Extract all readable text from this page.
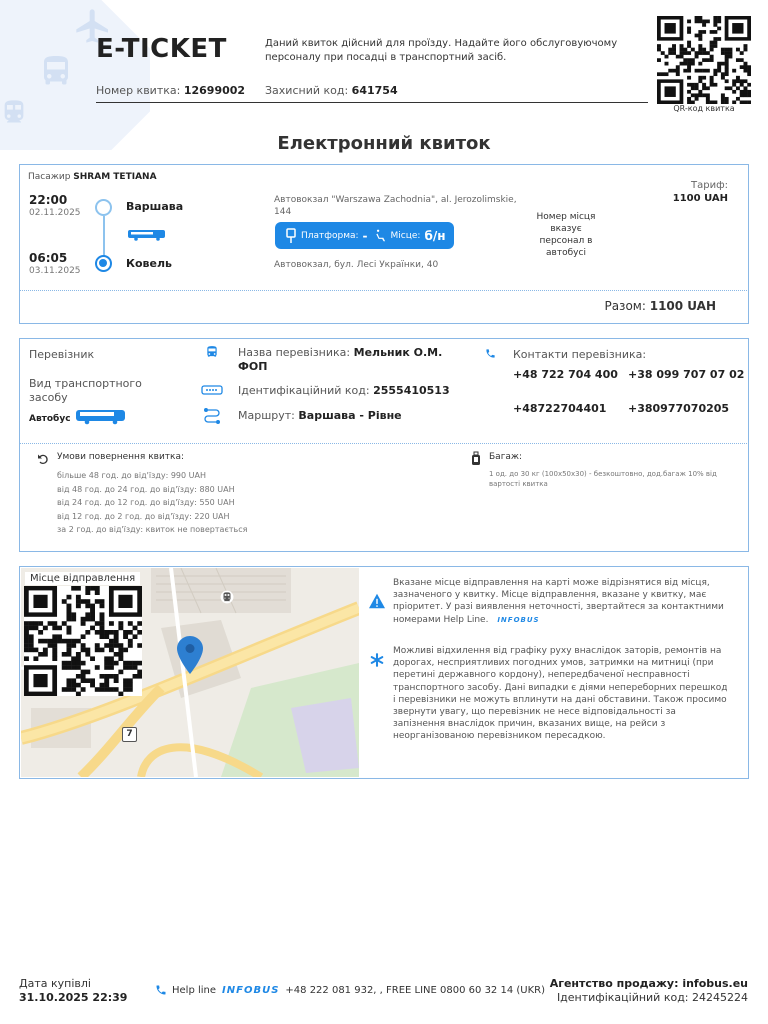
E-TICKET	Даний квиток дійсний для проїзду. Надайте його обслуговуючому персоналу при посадці в транспортний засіб.
Номер квитка: 12699002 Захисний код: 641754
QR-код квитка
Електронний квиток
Пасажир SHRAM TETIANA
22:00
02.11.2025
06:05
03.11.2025
Варшава
Ковель
Автовокзал "Warszawa Zachodnia", al. Jerozolimskie, 144
Платформа: -	Місце: б/н
Автовокзал, бул. Лесі Українки, 40
Номер місця вказує персонал в автобусі
Тариф:
1100 UAH
Разом: 1100 UAH
Перевізник
Вид транспортного засобу
Автобус
Назва перевізника: Мельник О.М. ФОП
Ідентифікаційний код: 2555410513
Маршрут: Варшава - Рівне
Контакти перевізника:
+48 722 704 400 +38 099 707 07 02
+48722704401 +380977070205
Умови повернення квитка:
більше 48 год. до від'їзду: 990 UAH
від 48 год. до 24 год. до від'їзду: 880 UAH
від 24 год. до 12 год. до від'їзду: 550 UAH
від 12 год. до 2 год. до від'їзду: 220 UAH
за 2 год. до від'їзду: квиток не повертається
Багаж:
1 од. до 30 кг (100x50x30) - безкоштовно, дод.багаж 10% від вартості квитка
7
Місце відправлення	Вказане місце відправлення на карті може відрізнятися від місця, зазначеного у квитку. Місце відправлення, вказане у квитку, має пріоритет. У разі виявлення неточності, звертайтеся за контактними номерами Help Line. INFOBUS
Можливі відхилення від графіку руху внаслідок заторів, ремонтів на дорогах, несприятливих погодних умов, затримки на митниці (при перетині державного кордону), непередбаченої несправності транспортного засобу. Дані випадки є діями непереборних перешкод і перевізники не можуть вплинути на дані обставини. Також просимо звернути увагу, що перевізник не несе відповідальності за запізнення внаслідок причин, вказаних вище, на рейси з неорганізованою перевізником пересадкою.
Дата купівлі
31.10.2025 22:39
Help line INFOBUS +48 222 081 932, , FREE LINE 0800 60 32 14 (UKR) Агентство продажу: infobus.eu
Ідентифікаційний код: 24245224
